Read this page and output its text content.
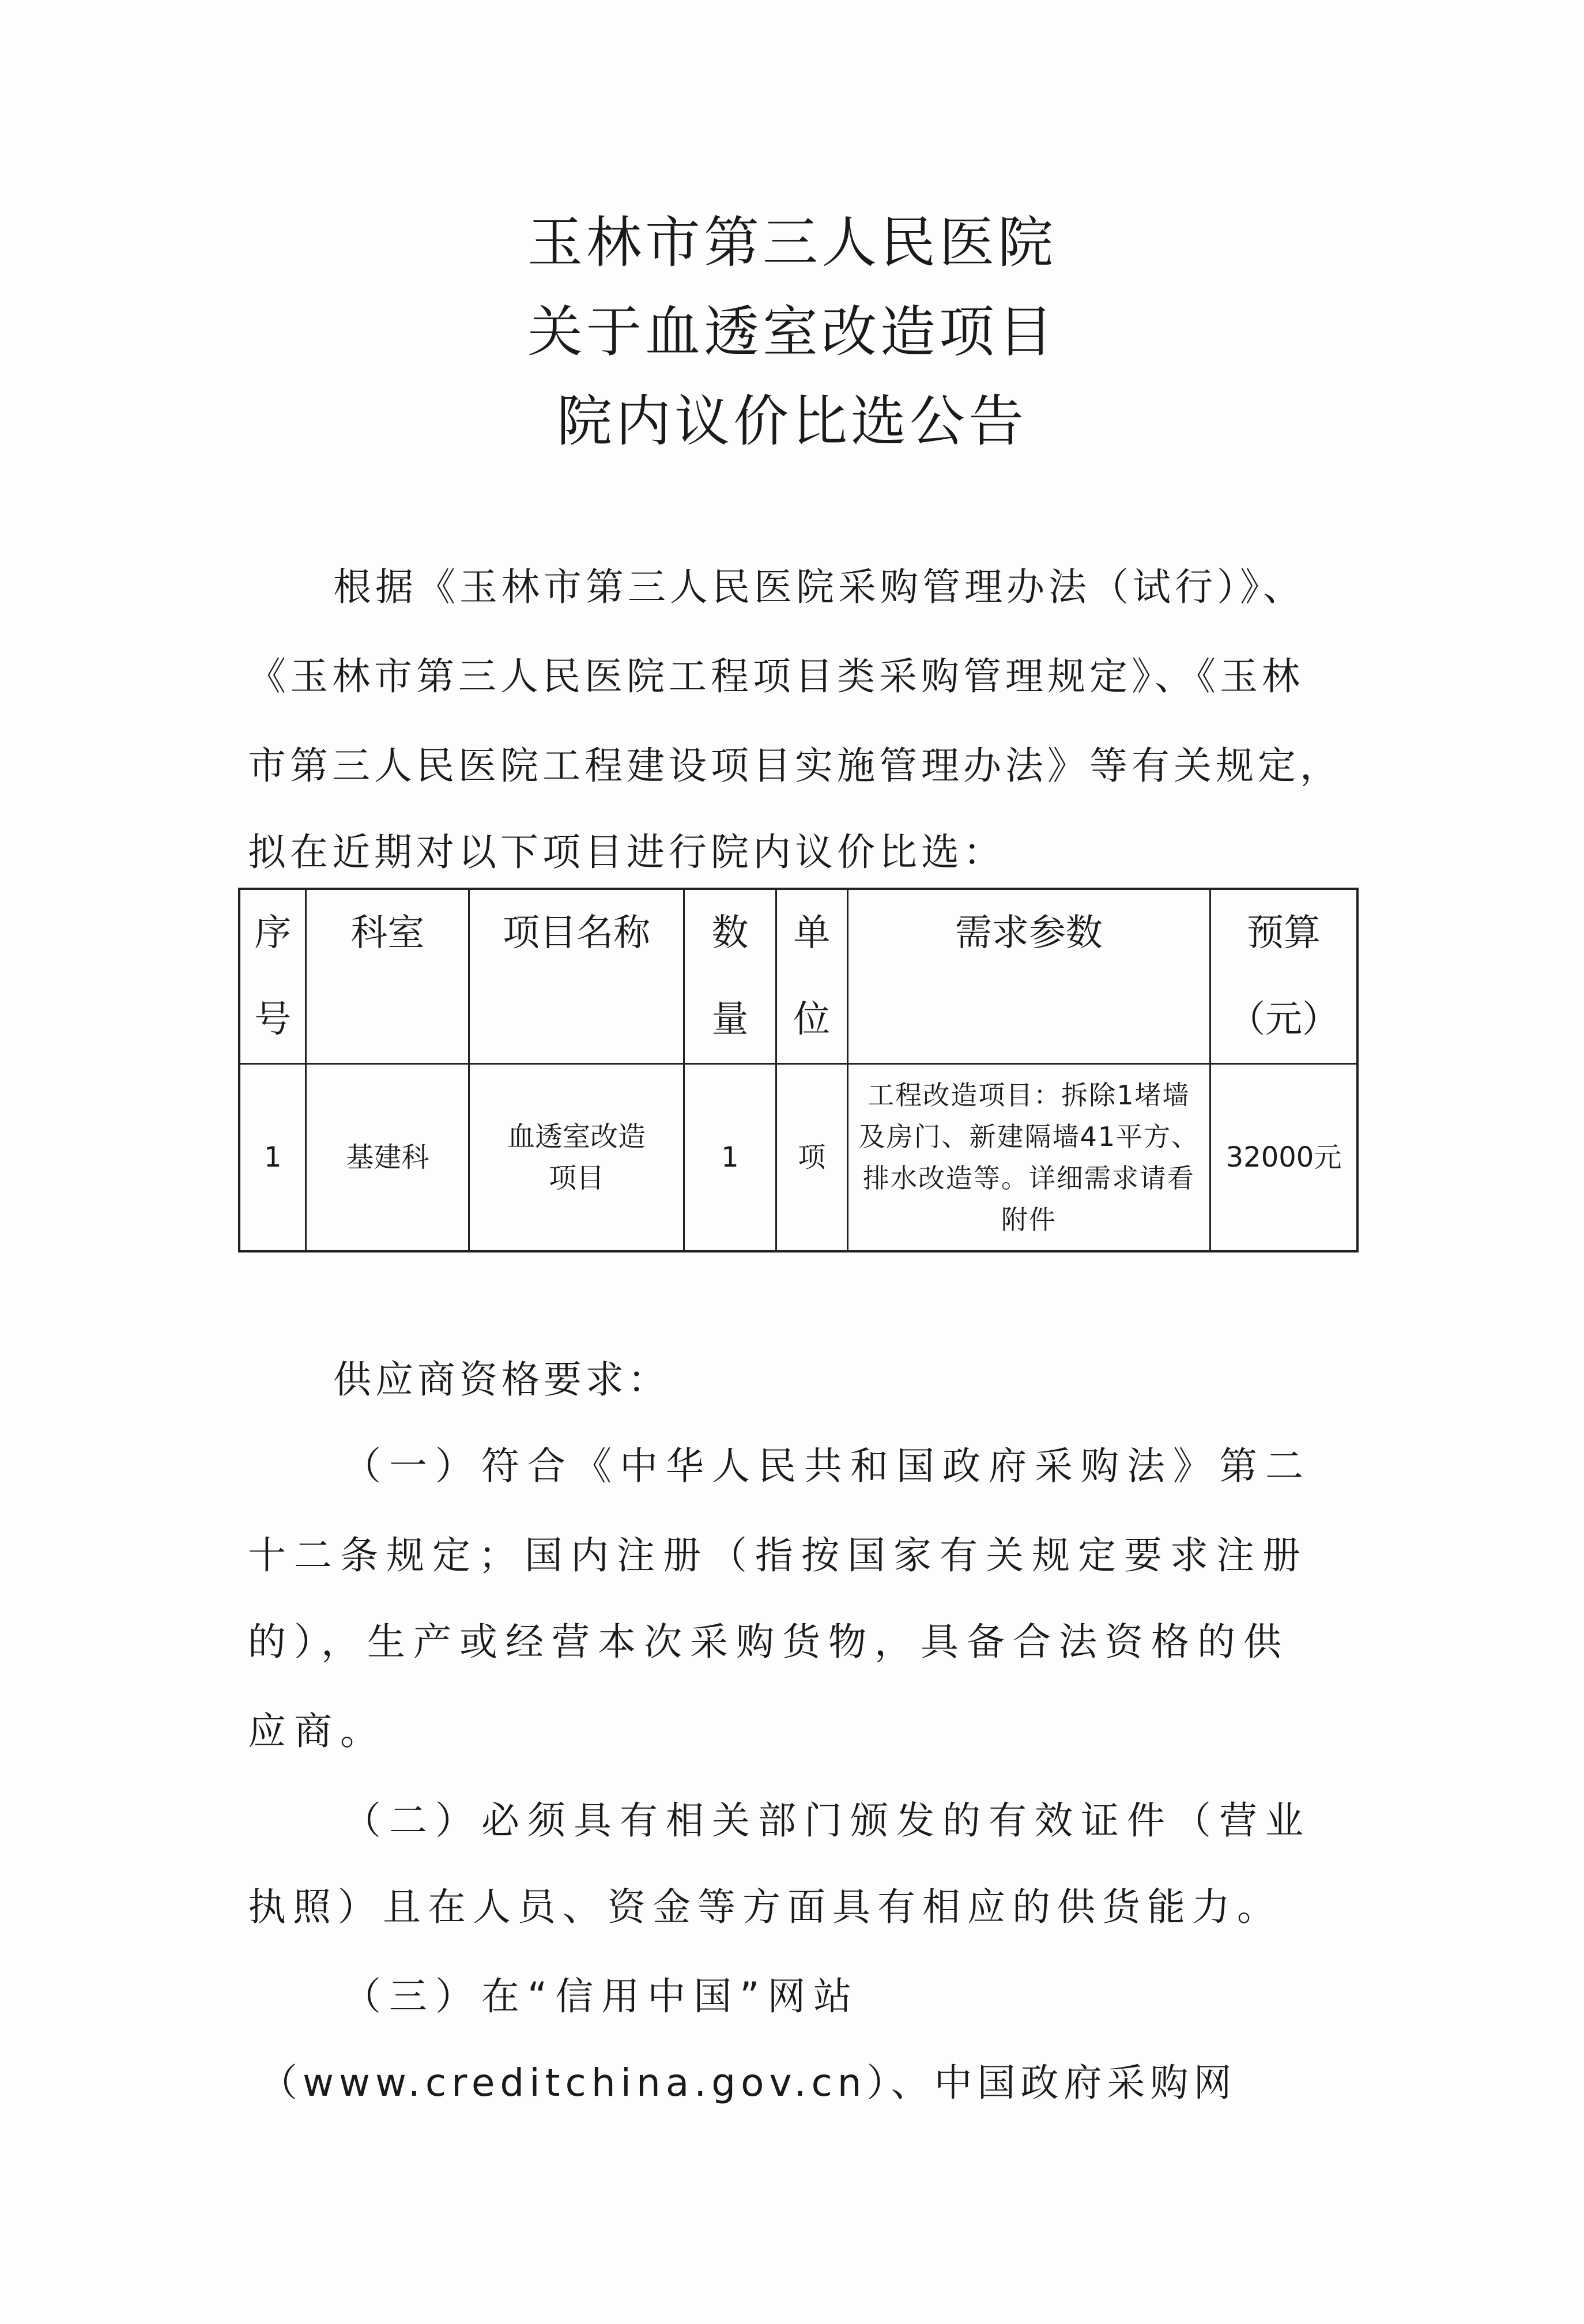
玉林市第三人民医院
关于血透室改造项目
院内议价比选公告
根据《玉林市第三人民医院采购管理办法（试行）》、
《玉林市第三人民医院工程项目类采购管理规定》、《玉林
市第三人民医院工程建设项目实施管理办法》等有关规定，
拟在近期对以下项目进行院内议价比选：
序号	科室	项目名称	数量	单位	需求参数	预算（元）
1	基建科	血透室改造项目	1	项	工程改造项目：拆除1堵墙及房门、新建隔墙41平方、排水改造等。详细需求请看附件	32000元
供应商资格要求：
（一）符合《中华人民共和国政府采购法》第二
十二条规定；国内注册（指按国家有关规定要求注册
的），生产或经营本次采购货物，具备合法资格的供
应商。
（二）必须具有相关部门颁发的有效证件（营业
执照）且在人员、资金等方面具有相应的供货能力。
（三）在“信用中国”网站
（www.creditchina.gov.cn）、中国政府采购网
